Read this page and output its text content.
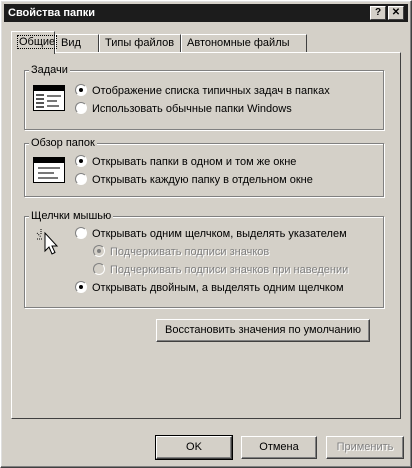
Свойства папки	?	✕
Общие Вид	Типы файлов	Автономные файлы
Задачи
Отображение списка типичных задач в папках
Использовать обычные папки Windows
Обзор папок
Открывать папки в одном и том же окне
Открывать каждую папку в отдельном окне
Щелчки мышью
Открывать одним щелчком, выделять указателем
Подчеркивать подписи значков
Подчеркивать подписи значков при наведении
Открывать двойным, а выделять одним щелчком
Восстановить значения по умолчанию
OK	Отмена	Применить
